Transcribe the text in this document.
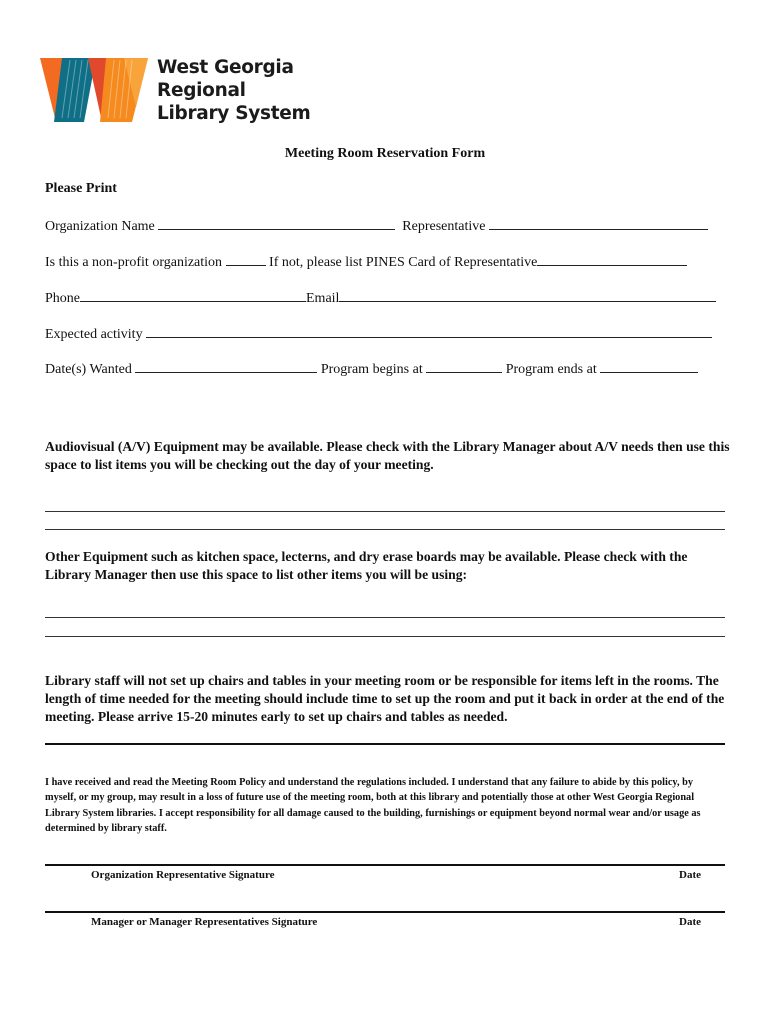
West Georgia
Regional
Library System
Meeting Room Reservation Form
Please Print
Organization Name	Representative
Is this a non-profit organization	If not, please list PINES Card of Representative
Phone	Email
Expected activity
Date(s) Wanted	Program begins at	Program ends at
Audiovisual (A/V) Equipment may be available. Please check with the Library Manager about A/V needs then use this space to list items you will be checking out the day of your meeting.
Other Equipment such as kitchen space, lecterns, and dry erase boards may be available. Please check with the Library Manager then use this space to list other items you will be using:
Library staff will not set up chairs and tables in your meeting room or be responsible for items left in the rooms. The length of time needed for the meeting should include time to set up the room and put it back in order at the end of the meeting. Please arrive 15-20 minutes early to set up chairs and tables as needed.
I have received and read the Meeting Room Policy and understand the regulations included. I understand that any failure to abide by this policy, by myself, or my group, may result in a loss of future use of the meeting room, both at this library and potentially those at other West Georgia Regional Library System libraries. I accept responsibility for all damage caused to the building, furnishings or equipment beyond normal wear and/or usage as determined by library staff.
Organization Representative Signature	Date
Manager or Manager Representatives Signature	Date
